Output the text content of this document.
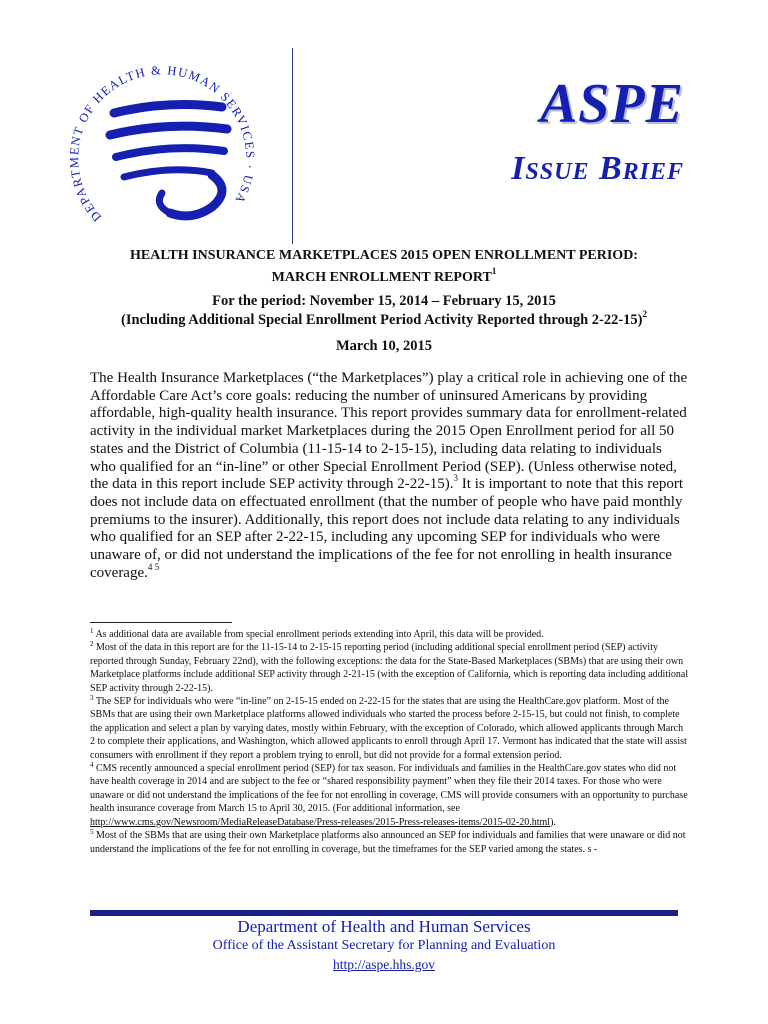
DEPARTMENT OF HEALTH & HUMAN SERVICES · USA
ASPE
Issue Brief
HEALTH INSURANCE MARKETPLACES 2015 OPEN ENROLLMENT PERIOD:
MARCH ENROLLMENT REPORT$^1$
For the period: November 15, 2014 – February 15, 2015
(Including Additional Special Enrollment Period Activity Reported through 2-22-15)$^2$
March 10, 2015

The Health Insurance Marketplaces (“the Marketplaces”) play a critical role in achieving one of the Affordable Care Act’s core goals: reducing the number of uninsured Americans by providing affordable, high-quality health insurance. This report provides summary data for enrollment-related activity in the individual market Marketplaces during the 2015 Open Enrollment period for all 50 states and the District of Columbia (11-15-14 to 2-15-15), including data relating to individuals who qualified for an “in-line” or other Special Enrollment Period (SEP). (Unless otherwise noted, the data in this report include SEP activity through 2-22-15).$^3$ It is important to note that this report does not include data on effectuated enrollment (that the number of people who have paid monthly premiums to the insurer). Additionally, this report does not include data relating to any individuals who qualified for an SEP after 2-22-15, including any upcoming SEP for individuals who were unaware of, or did not understand the implications of the fee for not enrolling in health insurance coverage.$^{4 5}$

$^1$ As additional data are available from special enrollment periods extending into April, this data will be provided.

$^2$ Most of the data in this report are for the 11-15-14 to 2-15-15 reporting period (including additional special enrollment period (SEP) activity reported through Sunday, February 22nd), with the following exceptions: the data for the State-Based Marketplaces (SBMs) that are using their own Marketplace platforms include additional SEP activity through 2-21-15 (with the exception of California, which is reporting data including additional SEP activity through 2-22-15).

$^3$ The SEP for individuals who were “in-line” on 2-15-15 ended on 2-22-15 for the states that are using the HealthCare.gov platform. Most of the SBMs that are using their own Marketplace platforms allowed individuals who started the process before 2-15-15, but could not finish, to complete the application and select a plan by varying dates, mostly within February, with the exception of Colorado, which allowed applicants through March 2 to complete their applications, and Washington, which allowed applicants to enroll through April 17. Vermont has indicated that the state will assist consumers with enrollment if they report a problem trying to enroll, but did not provide for a formal extension period.

$^4$ CMS recently announced a special enrollment period (SEP) for tax season. For individuals and families in the HealthCare.gov states who did not have health coverage in 2014 and are subject to the fee or “shared responsibility payment” when they file their 2014 taxes. For those who were unaware or did not understand the implications of the fee for not enrolling in coverage, CMS will provide consumers with an opportunity to purchase health insurance coverage from March 15 to April 30, 2015. (For additional information, see http://www.cms.gov/Newsroom/MediaReleaseDatabase/Press-releases/2015-Press-releases-items/2015-02-20.html).

$^5$ Most of the SBMs that are using their own Marketplace platforms also announced an SEP for individuals and families that were unaware or did not understand the implications of the fee for not enrolling in coverage, but the timeframes for the SEP varied among the states. s -

Department of Health and Human Services

Office of the Assistant Secretary for Planning and Evaluation

http://aspe.hhs.gov
